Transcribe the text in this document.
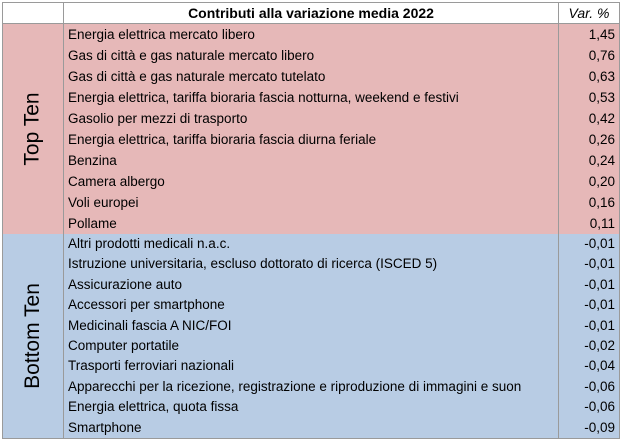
Contributi alla variazione media 2022	Var. %
Top Ten
Energia elettrica mercato libero	1,45
Gas di città e gas naturale mercato libero	0,76
Gas di città e gas naturale mercato tutelato	0,63
Energia elettrica, tariffa bioraria fascia notturna, weekend e festivi	0,53
Gasolio per mezzi di trasporto	0,42
Energia elettrica, tariffa bioraria fascia diurna feriale	0,26
Benzina	0,24
Camera albergo	0,20
Voli europei	0,16
Pollame	0,11
Bottom Ten
Altri prodotti medicali n.a.c.	-0,01
Istruzione universitaria, escluso dottorato di ricerca (ISCED 5)	-0,01
Assicurazione auto	-0,01
Accessori per smartphone	-0,01
Medicinali fascia A NIC/FOI	-0,01
Computer portatile	-0,02
Trasporti ferroviari nazionali	-0,04
Apparecchi per la ricezione, registrazione e riproduzione di immagini e suon	-0,06
Energia elettrica, quota fissa	-0,06
Smartphone	-0,09
